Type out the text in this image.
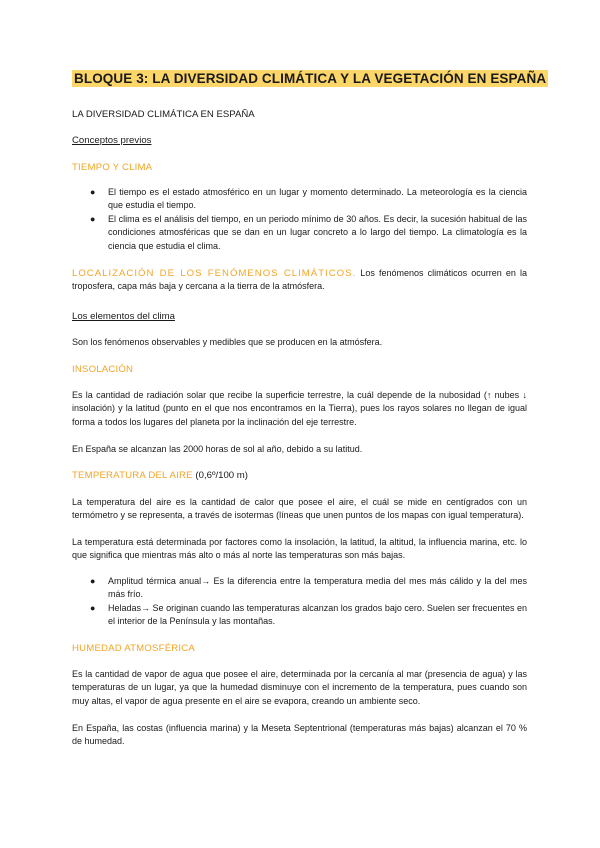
BLOQUE 3: LA DIVERSIDAD CLIMÁTICA Y LA VEGETACIÓN EN ESPAÑA
LA DIVERSIDAD CLIMÁTICA EN ESPAÑA
Conceptos previos
TIEMPO Y CLIMA
● El tiempo es el estado atmosférico en un lugar y momento determinado. La meteorología es la ciencia que estudia el tiempo.
● El clima es el análisis del tiempo, en un periodo mínimo de 30 años. Es decir, la sucesión habitual de las condiciones atmosféricas que se dan en un lugar concreto a lo largo del tiempo. La climatología es la ciencia que estudia el clima.
LOCALIZACIÓN DE LOS FENÓMENOS CLIMÁTICOS. Los fenómenos climáticos ocurren en la troposfera, capa más baja y cercana a la tierra de la atmósfera.
Los elementos del clima
Son los fenómenos observables y medibles que se producen en la atmósfera.
INSOLACIÓN
Es la cantidad de radiación solar que recibe la superficie terrestre, la cuál depende de la nubosidad (↑ nubes ↓ insolación) y la latitud (punto en el que nos encontramos en la Tierra), pues los rayos solares no llegan de igual forma a todos los lugares del planeta por la inclinación del eje terrestre.
En España se alcanzan las 2000 horas de sol al año, debido a su latitud.
TEMPERATURA DEL AIRE (0,6º/100 m)
La temperatura del aire es la cantidad de calor que posee el aire, el cuál se mide en centígrados con un termómetro y se representa, a través de isotermas (líneas que unen puntos de los mapas con igual temperatura).
La temperatura está determinada por factores como la insolación, la latitud, la altitud, la influencia marina, etc. lo que significa que mientras más alto o más al norte las temperaturas son más bajas.
● Amplitud térmica anual→ Es la diferencia entre la temperatura media del mes más cálido y la del mes más frío.
● Heladas→ Se originan cuando las temperaturas alcanzan los grados bajo cero. Suelen ser frecuentes en el interior de la Península y las montañas.
HUMEDAD ATMOSFÉRICA
Es la cantidad de vapor de agua que posee el aire, determinada por la cercanía al mar (presencia de agua) y las temperaturas de un lugar, ya que la humedad disminuye con el incremento de la temperatura, pues cuando son muy altas, el vapor de agua presente en el aire se evapora, creando un ambiente seco.
En España, las costas (influencia marina) y la Meseta Septentrional (temperaturas más bajas) alcanzan el 70 % de humedad.
